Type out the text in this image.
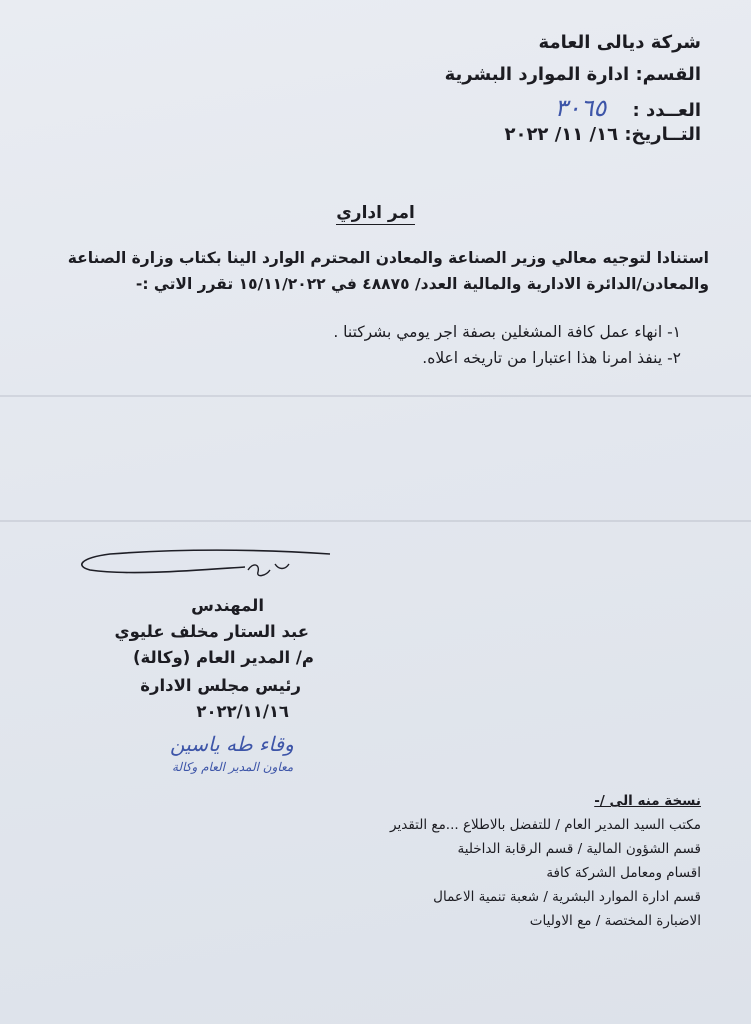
شركة ديالى العامة
القسم: ادارة الموارد البشرية
العــدد : ٣٠٦٥
التــاريخ: ١٦/ ١١/ ٢٠٢٢
امر اداري
استنادا لتوجيه معالي وزير الصناعة والمعادن المحترم الوارد الينا بكتاب وزارة الصناعة والمعادن/الدائرة الادارية والمالية العدد/ ٤٨٨٧٥ في ١٥/١١/٢٠٢٢ تقرر الاتي :-
١- انهاء عمل كافة المشغلين بصفة اجر يومي بشركتنا .
٢- ينفذ امرنا هذا اعتبارا من تاريخه اعلاه.
المهندس
عبد الستار مخلف عليوي
م/ المدير العام (وكالة)
رئيس مجلس الادارة
٢٠٢٢/١١/١٦
وقاء طه ياسين
معاون المدير العام وكالة
نسخة منه الى /-
مكتب السيد المدير العام / للتفضل بالاطلاع ...مع التقدير
قسم الشؤون المالية / قسم الرقابة الداخلية
اقسام ومعامل الشركة كافة
قسم ادارة الموارد البشرية / شعبة تنمية الاعمال
الاضبارة المختصة / مع الاوليات
